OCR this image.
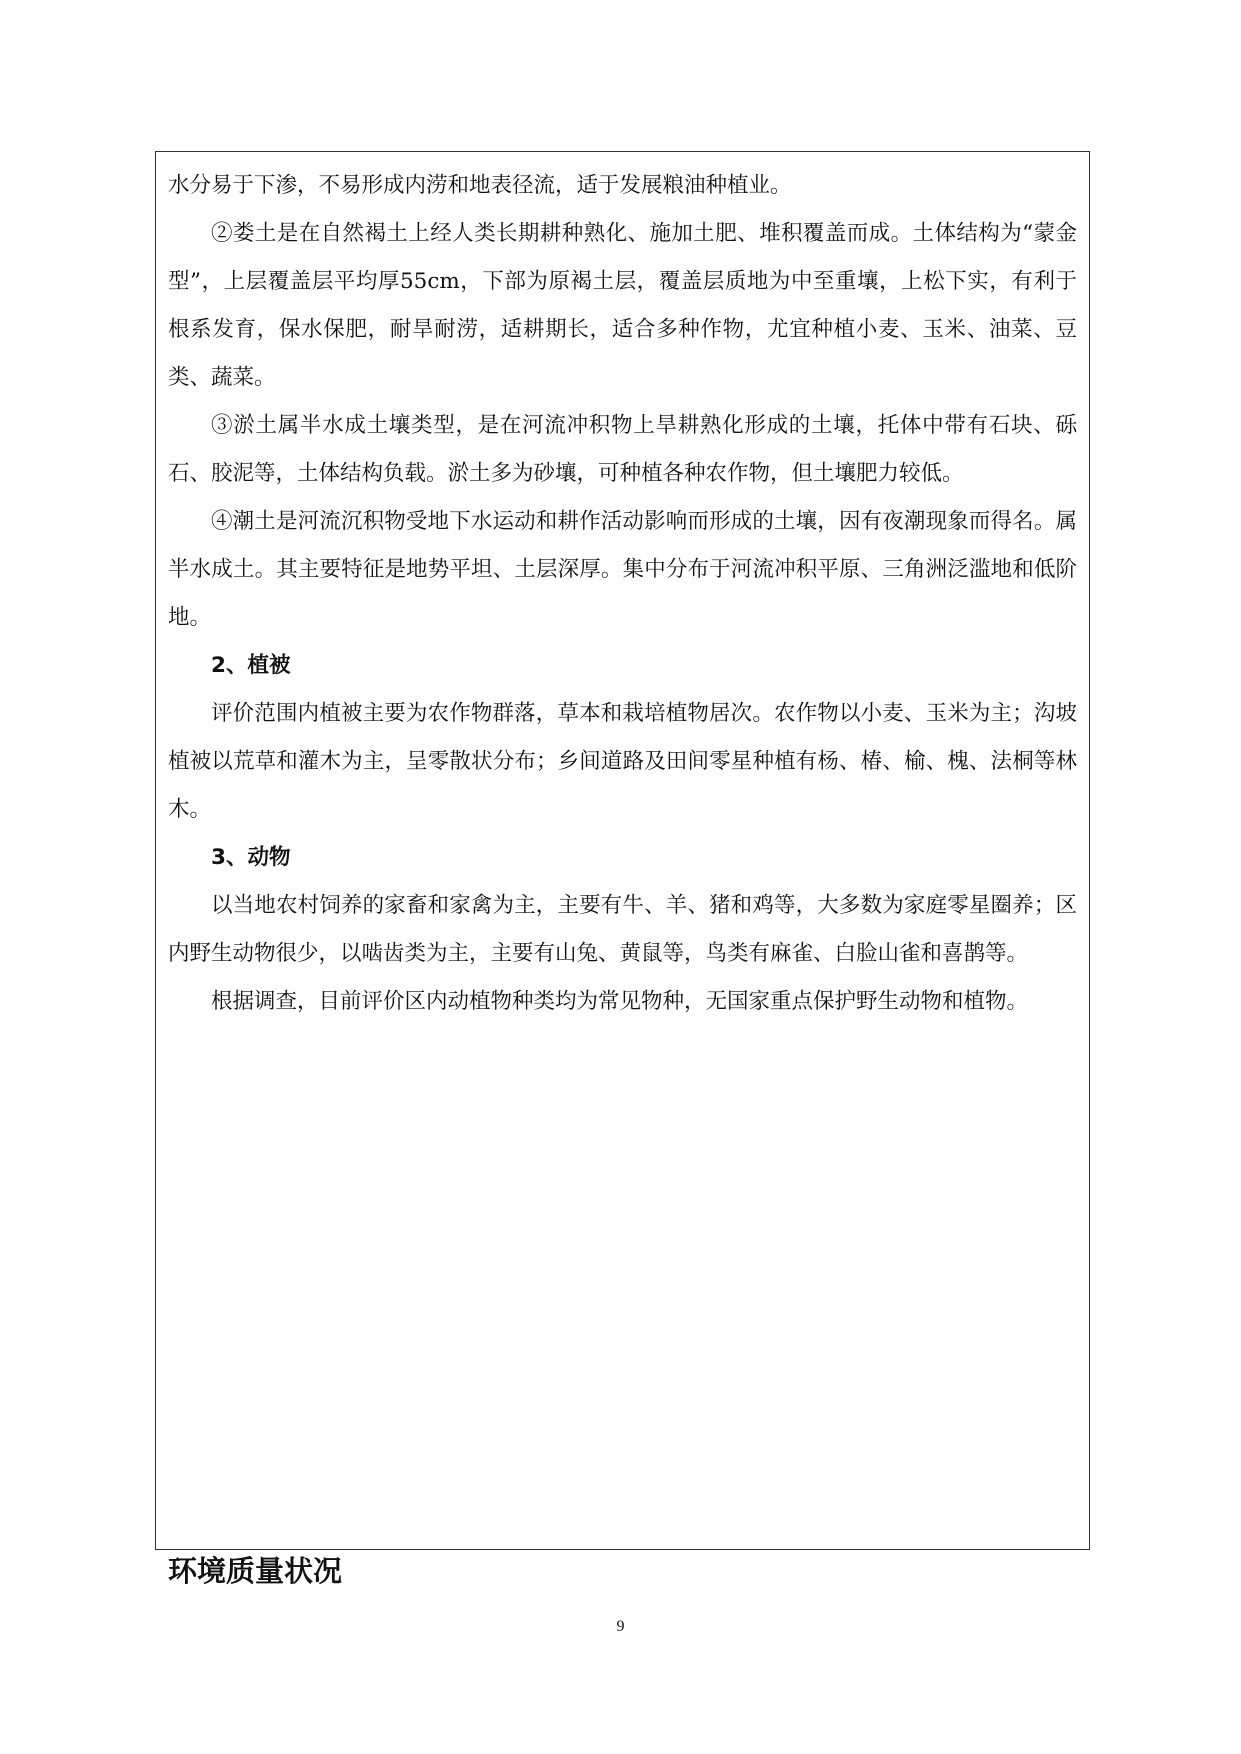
水分易于下渗，不易形成内涝和地表径流，适于发展粮油种植业。

②娄土是在自然褐土上经人类长期耕种熟化、施加土肥、堆积覆盖而成。土体结构为“蒙金型”，上层覆盖层平均厚55cm，下部为原褐土层，覆盖层质地为中至重壤，上松下实，有利于根系发育，保水保肥，耐旱耐涝，适耕期长，适合多种作物，尤宜种植小麦、玉米、油菜、豆类、蔬菜。

③淤土属半水成土壤类型，是在河流冲积物上旱耕熟化形成的土壤，托体中带有石块、砾石、胶泥等，土体结构负载。淤土多为砂壤，可种植各种农作物，但土壤肥力较低。

④潮土是河流沉积物受地下水运动和耕作活动影响而形成的土壤，因有夜潮现象而得名。属半水成土。其主要特征是地势平坦、土层深厚。集中分布于河流冲积平原、三角洲泛滥地和低阶地。

2、植被

评价范围内植被主要为农作物群落，草本和栽培植物居次。农作物以小麦、玉米为主；沟坡植被以荒草和灌木为主，呈零散状分布；乡间道路及田间零星种植有杨、椿、榆、槐、法桐等林木。

3、动物

以当地农村饲养的家畜和家禽为主，主要有牛、羊、猪和鸡等，大多数为家庭零星圈养；区内野生动物很少，以啮齿类为主，主要有山兔、黄鼠等，鸟类有麻雀、白脸山雀和喜鹊等。

根据调查，目前评价区内动植物种类均为常见物种，无国家重点保护野生动物和植物。

环境质量状况
9
